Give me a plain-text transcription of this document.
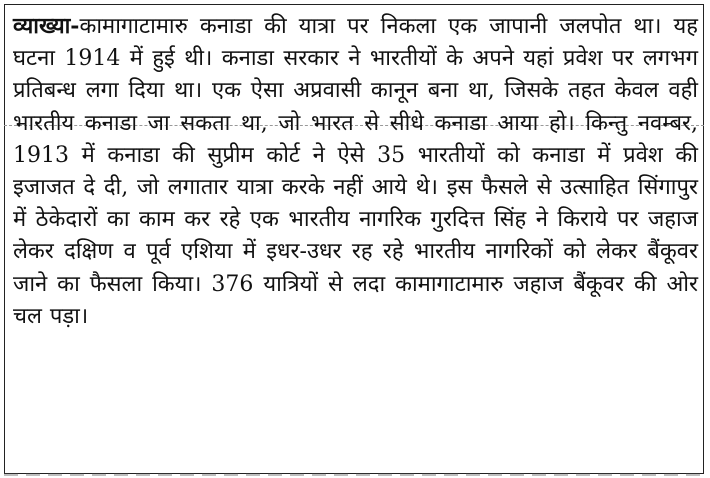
व्याख्या-कामागाटामारु कनाडा की यात्रा पर निकला एक जापानी जलपोत था। यह घटना 1914 में हुई थी। कनाडा सरकार ने भारतीयों के अपने यहां प्रवेश पर लगभग प्रतिबन्ध लगा दिया था। एक ऐसा अप्रवासी कानून बना था, जिसके तहत केवल वही भारतीय कनाडा जा सकता था, जो भारत से सीधे कनाडा आया हो। किन्तु नवम्बर, 1913 में कनाडा की सुप्रीम कोर्ट ने ऐसे 35 भारतीयों को कनाडा में प्रवेश की इजाजत दे दी, जो लगातार यात्रा करके नहीं आये थे। इस फैसले से उत्साहित सिंगापुर में ठेकेदारों का काम कर रहे एक भारतीय नागरिक गुरदित्त सिंह ने किराये पर जहाज लेकर दक्षिण व पूर्व एशिया में इधर-उधर रह रहे भारतीय नागरिकों को लेकर बैंकूवर जाने का फैसला किया। 376 यात्रियों से लदा कामागाटामारु जहाज बैंकूवर की ओर चल पड़ा।
